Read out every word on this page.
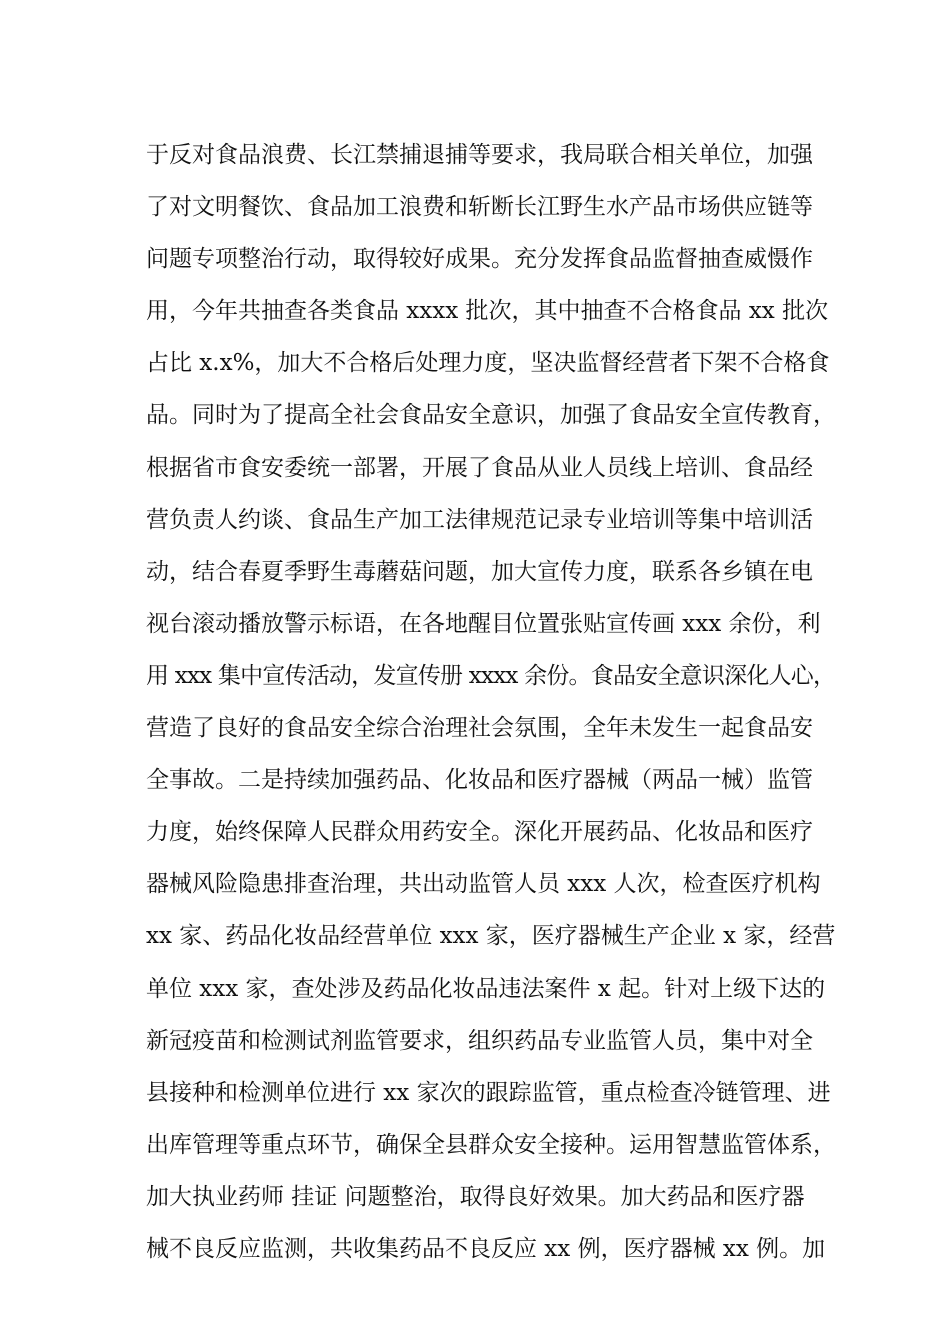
于反对食品浪费、长江禁捕退捕等要求，我局联合相关单位，加强
了对文明餐饮、食品加工浪费和斩断长江野生水产品市场供应链等
问题专项整治行动，取得较好成果。充分发挥食品监督抽查威慑作
用，今年共抽查各类食品 xxxx 批次，其中抽查不合格食品 xx 批次
占比 x.x%，加大不合格后处理力度，坚决监督经营者下架不合格食
品。同时为了提高全社会食品安全意识，加强了食品安全宣传教育，
根据省市食安委统一部署，开展了食品从业人员线上培训、食品经
营负责人约谈、食品生产加工法律规范记录专业培训等集中培训活
动，结合春夏季野生毒蘑菇问题，加大宣传力度，联系各乡镇在电
视台滚动播放警示标语，在各地醒目位置张贴宣传画 xxx 余份，利
用 xxx 集中宣传活动，发宣传册 xxxx 余份。食品安全意识深化人心，
营造了良好的食品安全综合治理社会氛围，全年未发生一起食品安
全事故。二是持续加强药品、化妆品和医疗器械（两品一械）监管
力度，始终保障人民群众用药安全。深化开展药品、化妆品和医疗
器械风险隐患排查治理，共出动监管人员 xxx 人次，检查医疗机构
xx 家、药品化妆品经营单位 xxx 家，医疗器械生产企业 x 家，经营
单位 xxx 家，查处涉及药品化妆品违法案件 x 起。针对上级下达的
新冠疫苗和检测试剂监管要求，组织药品专业监管人员，集中对全
县接种和检测单位进行 xx 家次的跟踪监管，重点检查冷链管理、进
出库管理等重点环节，确保全县群众安全接种。运用智慧监管体系，
加大执业药师 挂证 问题整治，取得良好效果。加大药品和医疗器
械不良反应监测，共收集药品不良反应 xx 例，医疗器械 xx 例。加
